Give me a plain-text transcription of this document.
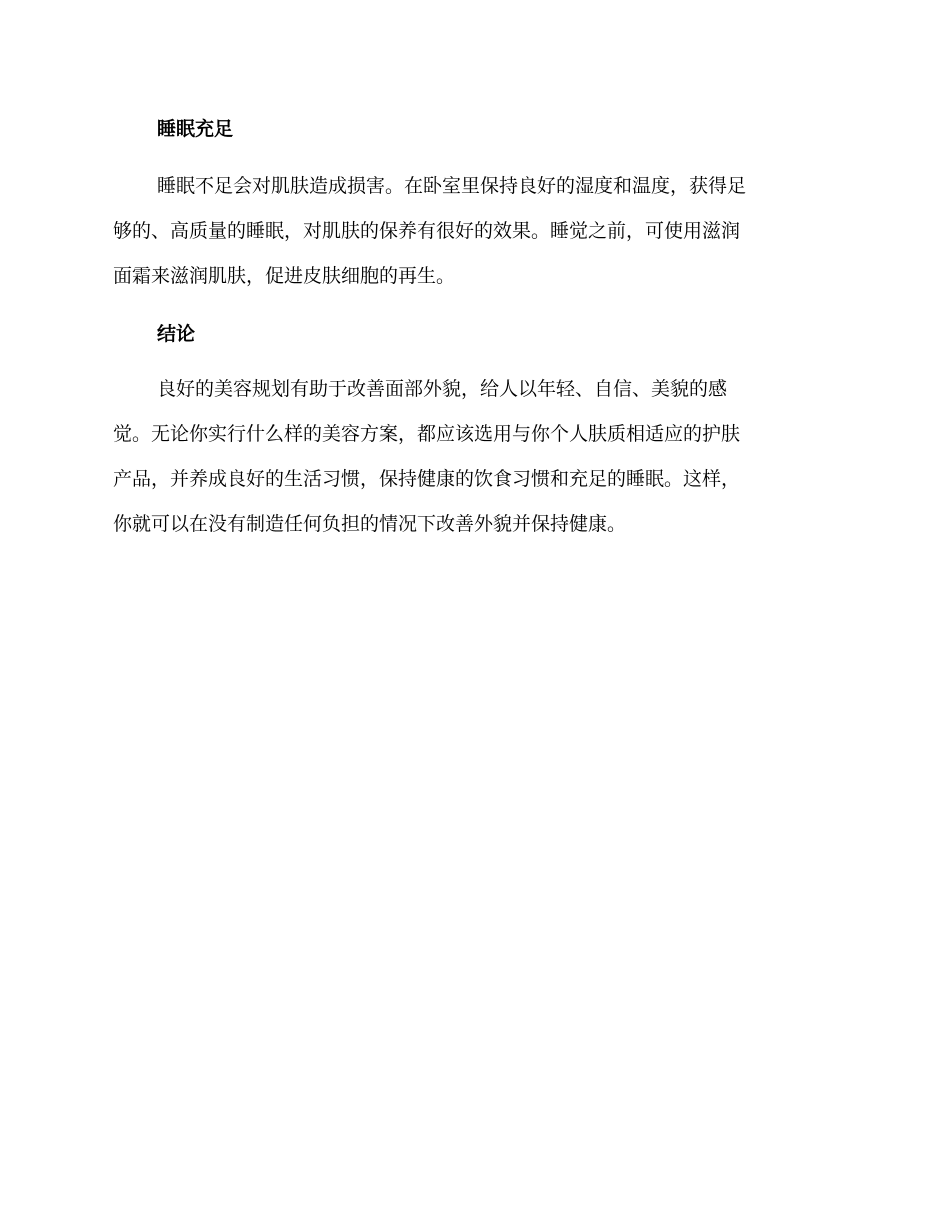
睡眠充足

睡眠不足会对肌肤造成损害。在卧室里保持良好的湿度和温度，获得足
够的、高质量的睡眠，对肌肤的保养有很好的效果。睡觉之前，可使用滋润
面霜来滋润肌肤，促进皮肤细胞的再生。

结论

良好的美容规划有助于改善面部外貌，给人以年轻、自信、美貌的感
觉。无论你实行什么样的美容方案，都应该选用与你个人肤质相适应的护肤
产品，并养成良好的生活习惯，保持健康的饮食习惯和充足的睡眠。这样，
你就可以在没有制造任何负担的情况下改善外貌并保持健康。
